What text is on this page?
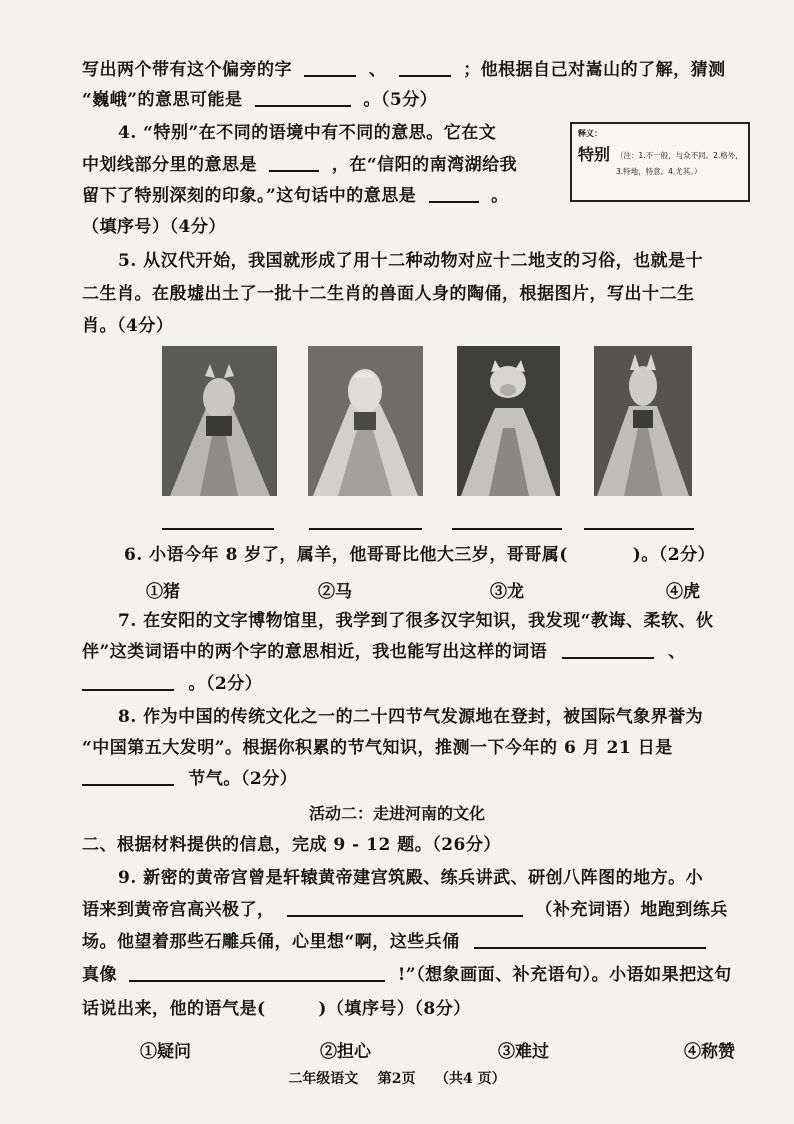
写出两个带有这个偏旁的字	、	；他根据自己对嵩山的了解，猜测
“巍峨”的意思可能是	。（5分）
4. “特别”在不同的语境中有不同的意思。它在文
中划线部分里的意思是	，在“信阳的南湾湖给我
留下了特别深刻的印象。”这句话中的意思是	。
（填序号）（4分）
释义：
特别 （注：1.不一般，与众不同。2.格外，3.特地，特意。4.尤其。）
5. 从汉代开始，我国就形成了用十二种动物对应十二地支的习俗，也就是十
二生肖。在殷墟出土了一批十二生肖的兽面人身的陶俑，根据图片，写出十二生
肖。（4分）
6. 小语今年 8 岁了，属羊，他哥哥比他大三岁，哥哥属(	)。（2分）
①猪	②马	③龙	④虎
7. 在安阳的文字博物馆里，我学到了很多汉字知识，我发现“教诲、柔软、伙
伴”这类词语中的两个字的意思相近，我也能写出这样的词语	、
。（2分）
8. 作为中国的传统文化之一的二十四节气发源地在登封，被国际气象界誉为
“中国第五大发明”。根据你积累的节气知识，推测一下今年的 6 月 21 日是
节气。（2分）
活动二：走进河南的文化
二、根据材料提供的信息，完成 9 - 12 题。（26分）
9. 新密的黄帝宫曾是轩辕黄帝建宫筑殿、练兵讲武、研创八阵图的地方。小
语来到黄帝宫高兴极了，	（补充词语）地跑到练兵
场。他望着那些石雕兵俑，心里想“啊，这些兵俑
真像	!”（想象画面、补充语句）。小语如果把这句
话说出来，他的语气是(	)（填序号）（8分）
①疑问	②担心	③难过	④称赞
二年级语文    第2页    （共4 页）
